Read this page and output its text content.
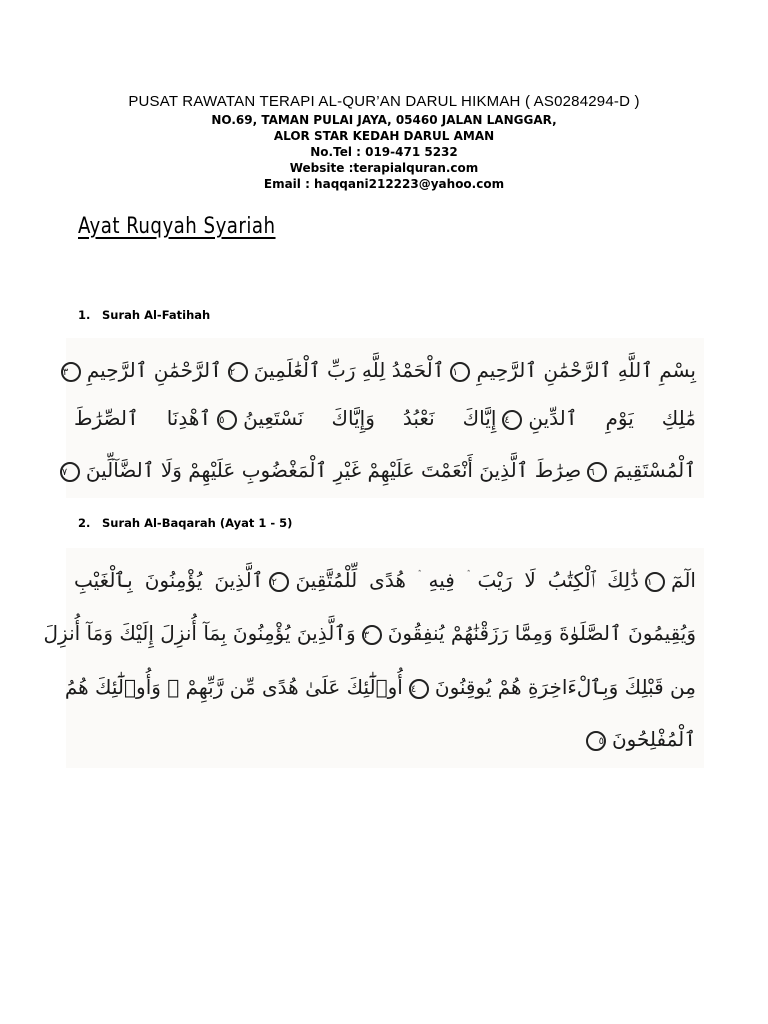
PUSAT RAWATAN TERAPI AL-QUR’AN DARUL HIKMAH ( AS0284294-D )
NO.69, TAMAN PULAI JAYA, 05460 JALAN LANGGAR,
ALOR STAR KEDAH DARUL AMAN
No.Tel : 019-471 5232
Website :terapialquran.com
Email : haqqani212223@yahoo.com
Ayat Ruqyah Syariah
1. Surah Al-Fatihah
بِسْمِ ٱللَّهِ ٱلرَّحْمَٰنِ ٱلرَّحِيمِ١ٱلْحَمْدُ لِلَّهِ رَبِّ ٱلْعَٰلَمِينَ٢ٱلرَّحْمَٰنِ ٱلرَّحِيمِ٣
مَٰلِكِ يَوْمِ ٱلدِّينِ٤إِيَّاكَ نَعْبُدُ وَإِيَّاكَ نَسْتَعِينُ٥ٱهْدِنَا ٱلصِّرَٰطَ
ٱلْمُسْتَقِيمَ٦صِرَٰطَ ٱلَّذِينَ أَنْعَمْتَ عَلَيْهِمْ غَيْرِ ٱلْمَغْضُوبِ عَلَيْهِمْ وَلَا ٱلضَّآلِّينَ٧
2. Surah Al-Baqarah (Ayat 1 - 5)
الٓمٓ١ذَٰلِكَ ٱلْكِتَٰبُ لَا رَيْبَ ۛ فِيهِ ۛ هُدًى لِّلْمُتَّقِينَ٢ٱلَّذِينَ يُؤْمِنُونَ بِٱلْغَيْبِ
وَيُقِيمُونَ ٱلصَّلَوٰةَ وَمِمَّا رَزَقْنَٰهُمْ يُنفِقُونَ٣وَٱلَّذِينَ يُؤْمِنُونَ بِمَآ أُنزِلَ إِلَيْكَ وَمَآ أُنزِلَ
مِن قَبْلِكَ وَبِٱلْءَاخِرَةِ هُمْ يُوقِنُونَ٤أُو۟لَٰٓئِكَ عَلَىٰ هُدًى مِّن رَّبِّهِمْ ۖ وَأُو۟لَٰٓئِكَ هُمُ
ٱلْمُفْلِحُونَ٥
